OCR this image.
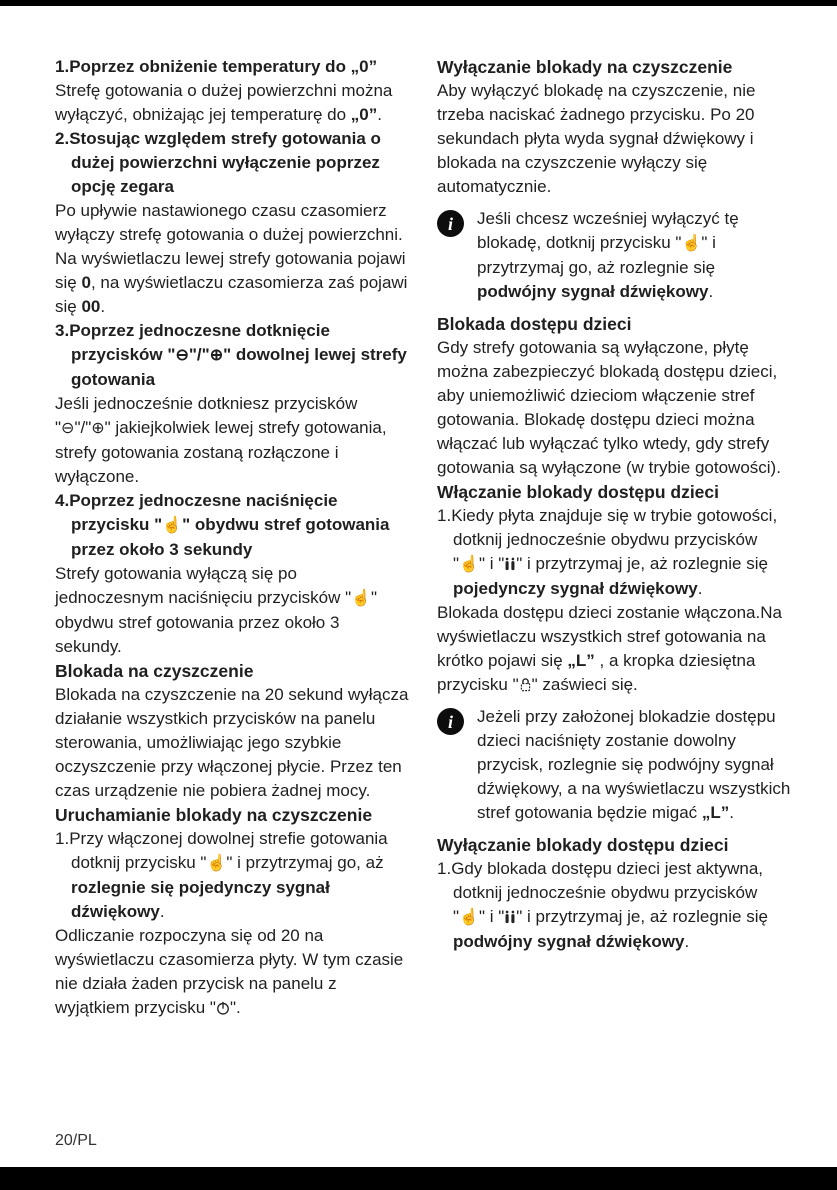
1.Poprzez obniżenie temperatury do „0”

Strefę gotowania o dużej powierzchni można wyłączyć, obniżając jej temperaturę do „0”.

2.Stosując względem strefy gotowania o dużej powierzchni wyłączenie poprzez opcję zegara

Po upływie nastawionego czasu czasomierz wyłączy strefę gotowania o dużej powierzchni. Na wyświetlaczu lewej strefy gotowania pojawi się 0, na wyświetlaczu czasomierza zaś pojawi się 00.

3.Poprzez jednoczesne dotknięcie przycisków "⊖"/"⊕" dowolnej lewej strefy gotowania

Jeśli jednocześnie dotkniesz przycisków "⊖"/"⊕" jakiejkolwiek lewej strefy gotowania, strefy gotowania zostaną rozłączone i wyłączone.

4.Poprzez jednoczesne naciśnięcie przycisku "☝" obydwu stref gotowania przez około 3 sekundy

Strefy gotowania wyłączą się po jednoczesnym naciśnięciu przycisków "☝" obydwu stref gotowania przez około 3 sekundy.

Blokada na czyszczenie

Blokada na czyszczenie na 20 sekund wyłącza działanie wszystkich przycisków na panelu sterowania, umożliwiając jego szybkie oczyszczenie przy włączonej płycie. Przez ten czas urządzenie nie pobiera żadnej mocy.

Uruchamianie blokady na czyszczenie
1.Przy włączonej dowolnej strefie gotowania dotknij przycisku "☝" i przytrzymaj go, aż rozlegnie się pojedynczy sygnał dźwiękowy.

Odliczanie rozpoczyna się od 20 na wyświetlaczu czasomierza płyty. W tym czasie nie działa żaden przycisk na panelu z wyjątkiem przycisku " ".

Wyłączanie blokady na czyszczenie

Aby wyłączyć blokadę na czyszczenie, nie trzeba naciskać żadnego przycisku. Po 20 sekundach płyta wyda sygnał dźwiękowy i blokada na czyszczenie wyłączy się automatycznie.

i	Jeśli chcesz wcześniej wyłączyć tę blokadę, dotknij przycisku "☝" i przytrzymaj go, aż rozlegnie się podwójny sygnał dźwiękowy.
Blokada dostępu dzieci

Gdy strefy gotowania są wyłączone, płytę można zabezpieczyć blokadą dostępu dzieci, aby uniemożliwić dzieciom włączenie stref gotowania. Blokadę dostępu dzieci można włączać lub wyłączać tylko wtedy, gdy strefy gotowania są wyłączone (w trybie gotowości).

Włączanie blokady dostępu dzieci
1.Kiedy płyta znajduje się w trybie gotowości, dotknij jednocześnie obydwu przycisków "☝" i " " i przytrzymaj je, aż rozlegnie się pojedynczy sygnał dźwiękowy.

Blokada dostępu dzieci zostanie włączona.Na wyświetlaczu wszystkich stref gotowania na krótko pojawi się „L” , a kropka dziesiętna przycisku " " zaświeci się.

i	Jeżeli przy założonej blokadzie dostępu dzieci naciśnięty zostanie dowolny przycisk, rozlegnie się podwójny sygnał dźwiękowy, a na wyświetlaczu wszystkich stref gotowania będzie migać „L”.
Wyłączanie blokady dostępu dzieci
1.Gdy blokada dostępu dzieci jest aktywna, dotknij jednocześnie obydwu przycisków "☝" i " " i przytrzymaj je, aż rozlegnie się podwójny sygnał dźwiękowy.
20/PL
